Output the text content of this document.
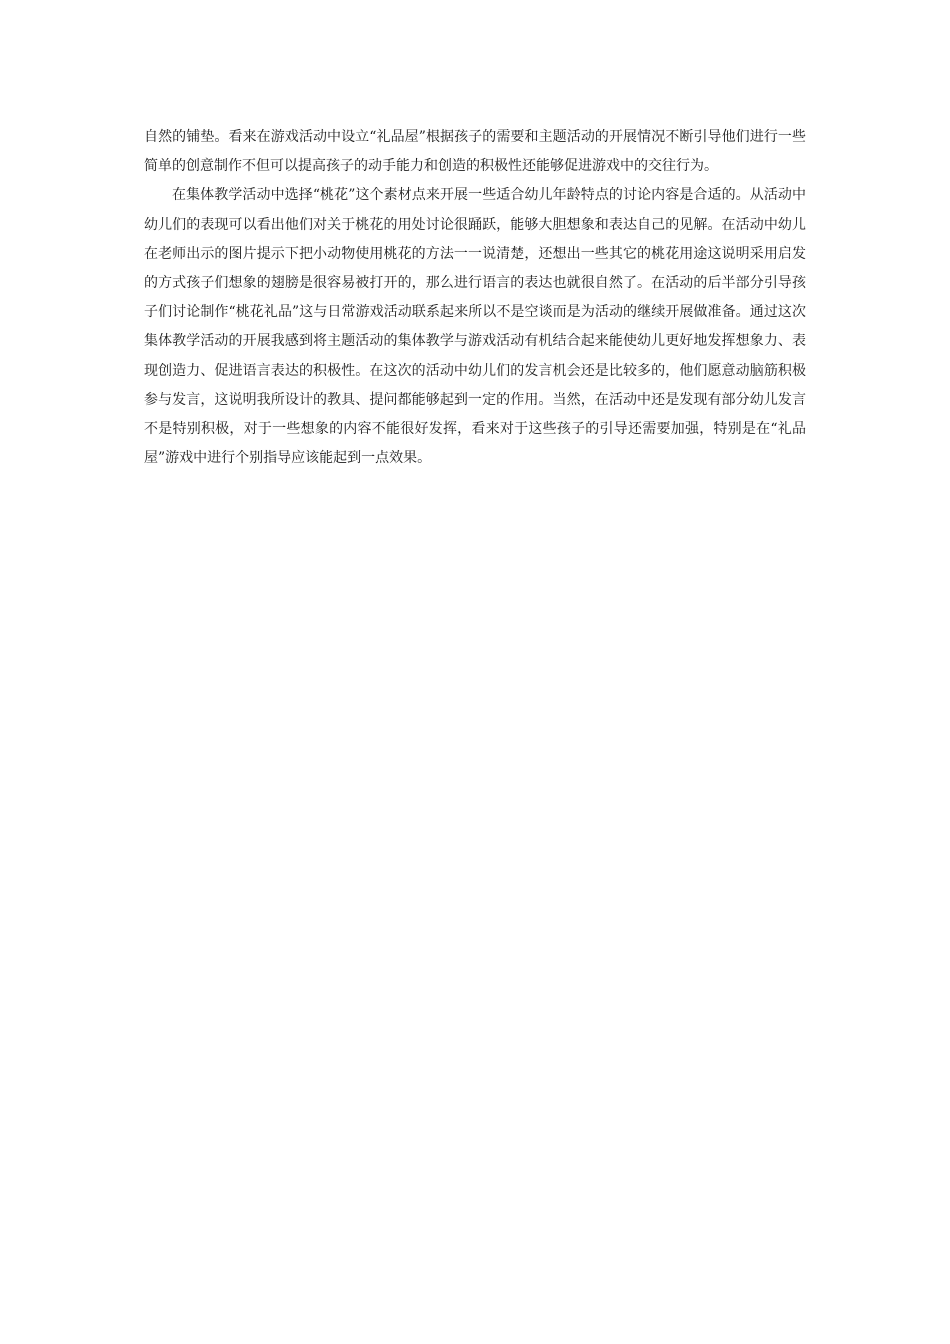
自然的铺垫。看来在游戏活动中设立“礼品屋”根据孩子的需要和主题活动的开展情况不断引导他们进行一些简单的创意制作不但可以提高孩子的动手能力和创造的积极性还能够促进游戏中的交往行为。

在集体教学活动中选择“桃花”这个素材点来开展一些适合幼儿年龄特点的讨论内容是合适的。从活动中幼儿们的表现可以看出他们对关于桃花的用处讨论很踊跃，能够大胆想象和表达自己的见解。在活动中幼儿在老师出示的图片提示下把小动物使用桃花的方法一一说清楚，还想出一些其它的桃花用途这说明采用启发的方式孩子们想象的翅膀是很容易被打开的，那么进行语言的表达也就很自然了。在活动的后半部分引导孩子们讨论制作“桃花礼品”这与日常游戏活动联系起来所以不是空谈而是为活动的继续开展做准备。通过这次集体教学活动的开展我感到将主题活动的集体教学与游戏活动有机结合起来能使幼儿更好地发挥想象力、表现创造力、促进语言表达的积极性。在这次的活动中幼儿们的发言机会还是比较多的，他们愿意动脑筋积极参与发言，这说明我所设计的教具、提问都能够起到一定的作用。当然，在活动中还是发现有部分幼儿发言不是特别积极，对于一些想象的内容不能很好发挥，看来对于这些孩子的引导还需要加强，特别是在“礼品屋”游戏中进行个别指导应该能起到一点效果。
